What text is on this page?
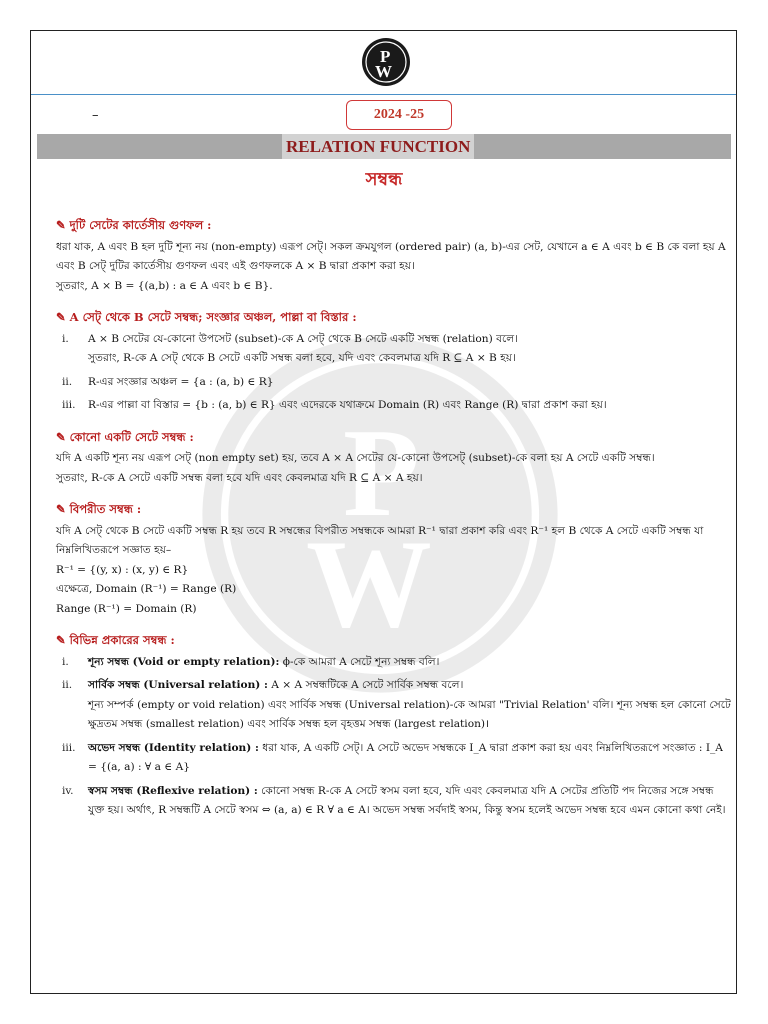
P
W
P
W
–	2024 -25
RELATION FUNCTION
সম্বন্ধ
✎ দুটি সেটের কার্তেসীয় গুণফল :

ধরা যাক, A এবং B হল দুটি শূন্য নয় (non-empty) এরূপ সেট্। সকল ক্রমযুগল (ordered pair) (a, b)-এর সেট, যেখানে a ∈ A এবং b ∈ B কে বলা হয় A এবং B সেট্ দুটির কার্তেসীয় গুণফল এবং এই গুণফলকে A × B দ্বারা প্রকাশ করা হয়।

সুতরাং, A × B = {(a,b) : a ∈ A এবং b ∈ B}.

✎ A সেট্ থেকে B সেটে সম্বন্ধ; সংজ্ঞার অঞ্চল, পাল্লা বা বিস্তার :
i.	A × B সেটের যে-কোনো উপসেট (subset)-কে A সেট্ থেকে B সেটে একটি সম্বন্ধ (relation) বলে।

সুতরাং, R-কে A সেট্ থেকে B সেটে একটি সম্বন্ধ বলা হবে, যদি এবং কেবলমাত্র যদি R ⊆ A × B হয়।

ii.	R-এর সংজ্ঞার অঞ্চল = {a : (a, b) ∈ R}

iii.	R-এর পাল্লা বা বিস্তার = {b : (a, b) ∈ R} এবং এদেরকে যথাক্রমে Domain (R) এবং Range (R) দ্বারা প্রকাশ করা হয়।

✎ কোনো একটি সেটে সম্বন্ধ :

যদি A একটি শূন্য নয় এরূপ সেট্ (non empty set) হয়, তবে A × A সেটের যে-কোনো উপসেট্ (subset)-কে বলা হয় A সেটে একটি সম্বন্ধ।

সুতরাং, R-কে A সেটে একটি সম্বন্ধ বলা হবে যদি এবং কেবলমাত্র যদি R ⊆ A × A হয়।

✎ বিপরীত সম্বন্ধ :

যদি A সেট্ থেকে B সেটে একটি সম্বন্ধ R হয় তবে R সম্বন্ধের বিপরীত সম্বন্ধকে আমরা R⁻¹ দ্বারা প্রকাশ করি এবং R⁻¹ হল B থেকে A সেটে একটি সম্বন্ধ যা নিম্নলিখিতরূপে সজ্ঞাত হয়–

R⁻¹ = {(y, x) : (x, y) ∈ R}

এক্ষেত্রে, Domain (R⁻¹) = Range (R)

Range (R⁻¹) = Domain (R)

✎ বিভিন্ন প্রকারের সম্বন্ধ :
i.	শূন্য সম্বন্ধ (Void or empty relation): ϕ-কে আমরা A সেটে শূন্য সম্বন্ধ বলি।

ii.	সার্বিক সম্বন্ধ (Universal relation) : A × A সম্বন্ধটিকে A সেটে সার্বিক সম্বন্ধ বলে।

শূন্য সম্পর্ক (empty or void relation) এবং সার্বিক সম্বন্ধ (Universal relation)-কে আমরা "Trivial Relation' বলি। শূন্য সম্বন্ধ হল কোনো সেটে ক্ষুদ্রতম সম্বন্ধ (smallest relation) এবং সার্বিক সম্বন্ধ হল বৃহত্তম সম্বন্ধ (largest relation)।

iii.	অভেদ সম্বন্ধ (Identity relation) : ধরা যাক, A একটি সেট্। A সেটে অভেদ সম্বন্ধকে I_A দ্বারা প্রকাশ করা হয় এবং নিম্নলিখিতরূপে সংজ্ঞাত : I_A = {(a, a) : ∀ a ∈ A}

iv.	স্বসম সম্বন্ধ (Reflexive relation) : কোনো সম্বন্ধ R-কে A সেটে স্বসম বলা হবে, যদি এবং কেবলমাত্র যদি A সেটের প্রতিটি পদ নিজের সঙ্গে সম্বন্ধ যুক্ত হয়। অর্থাৎ, R সম্বন্ধটি A সেটে স্বসম ⇔ (a, a) ∈ R ∀ a ∈ A। অভেদ সম্বন্ধ সর্বদাই স্বসম, কিন্তু স্বসম হলেই অভেদ সম্বন্ধ হবে এমন কোনো কথা নেই।
